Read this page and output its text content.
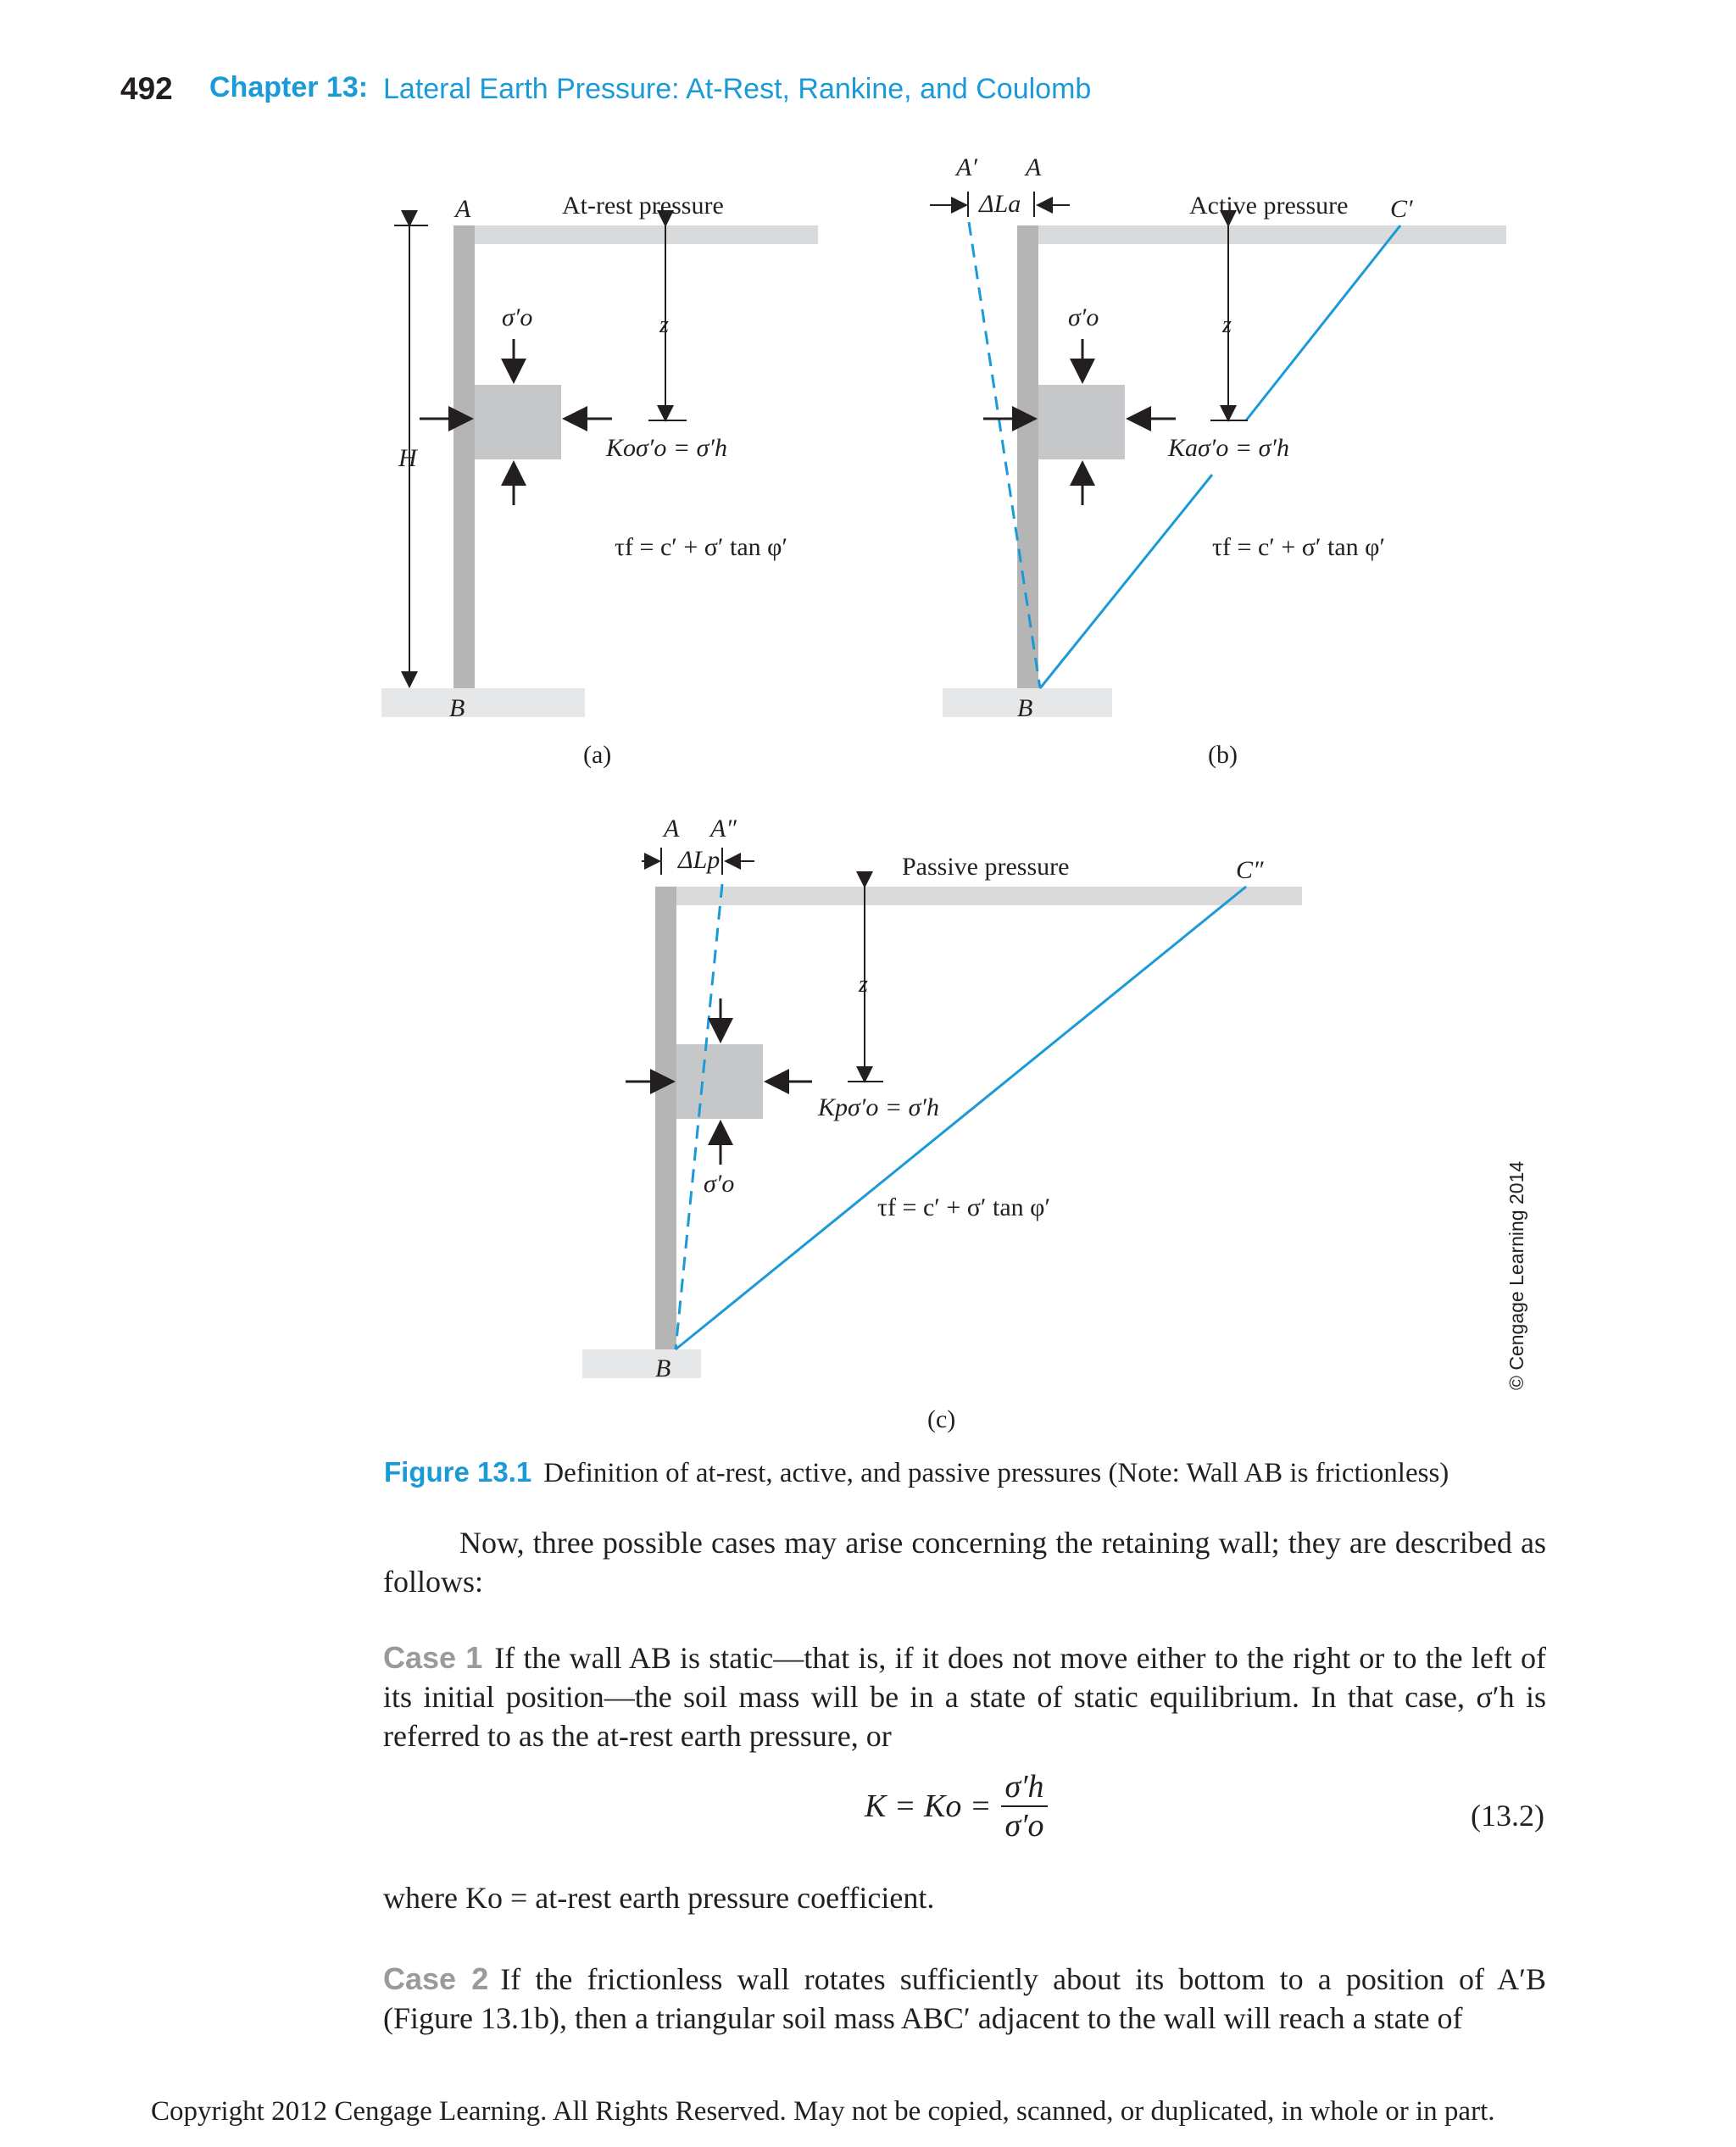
492 Chapter 13: Lateral Earth Pressure: At-Rest, Rankine, and Coulomb
A	At-rest pressure
H
z
σ′o
Koσ′o = σ′h
τf = c′ + σ′ tan φ′
B
(a)
A′ A
ΔLa	Active pressure C′
z
σ′o
Kaσ′o = σ′h
τf = c′ + σ′ tan φ′
B
(b)
A A″
ΔLp	Passive pressure	C″
z
σ′o
Kpσ′o = σ′h
τf = c′ + σ′ tan φ′
B
(c)
© Cengage Learning 2014
Figure 13.1 Definition of at-rest, active, and passive pressures (Note: Wall AB is frictionless)
Now, three possible cases may arise concerning the retaining wall; they are described as follows:
Case 1 If the wall AB is static—that is, if it does not move either to the right or to the left of its initial position—the soil mass will be in a state of static equilibrium. In that case, σ′h is referred to as the at-rest earth pressure, or
$K = Ko = \frac{\sigma'h}{\sigma'o}$	(13.2)
where Ko = at-rest earth pressure coefficient.
Case 2 If the frictionless wall rotates sufficiently about its bottom to a position of A′B (Figure 13.1b), then a triangular soil mass ABC′ adjacent to the wall will reach a state of
Copyright 2012 Cengage Learning. All Rights Reserved. May not be copied, scanned, or duplicated, in whole or in part.
